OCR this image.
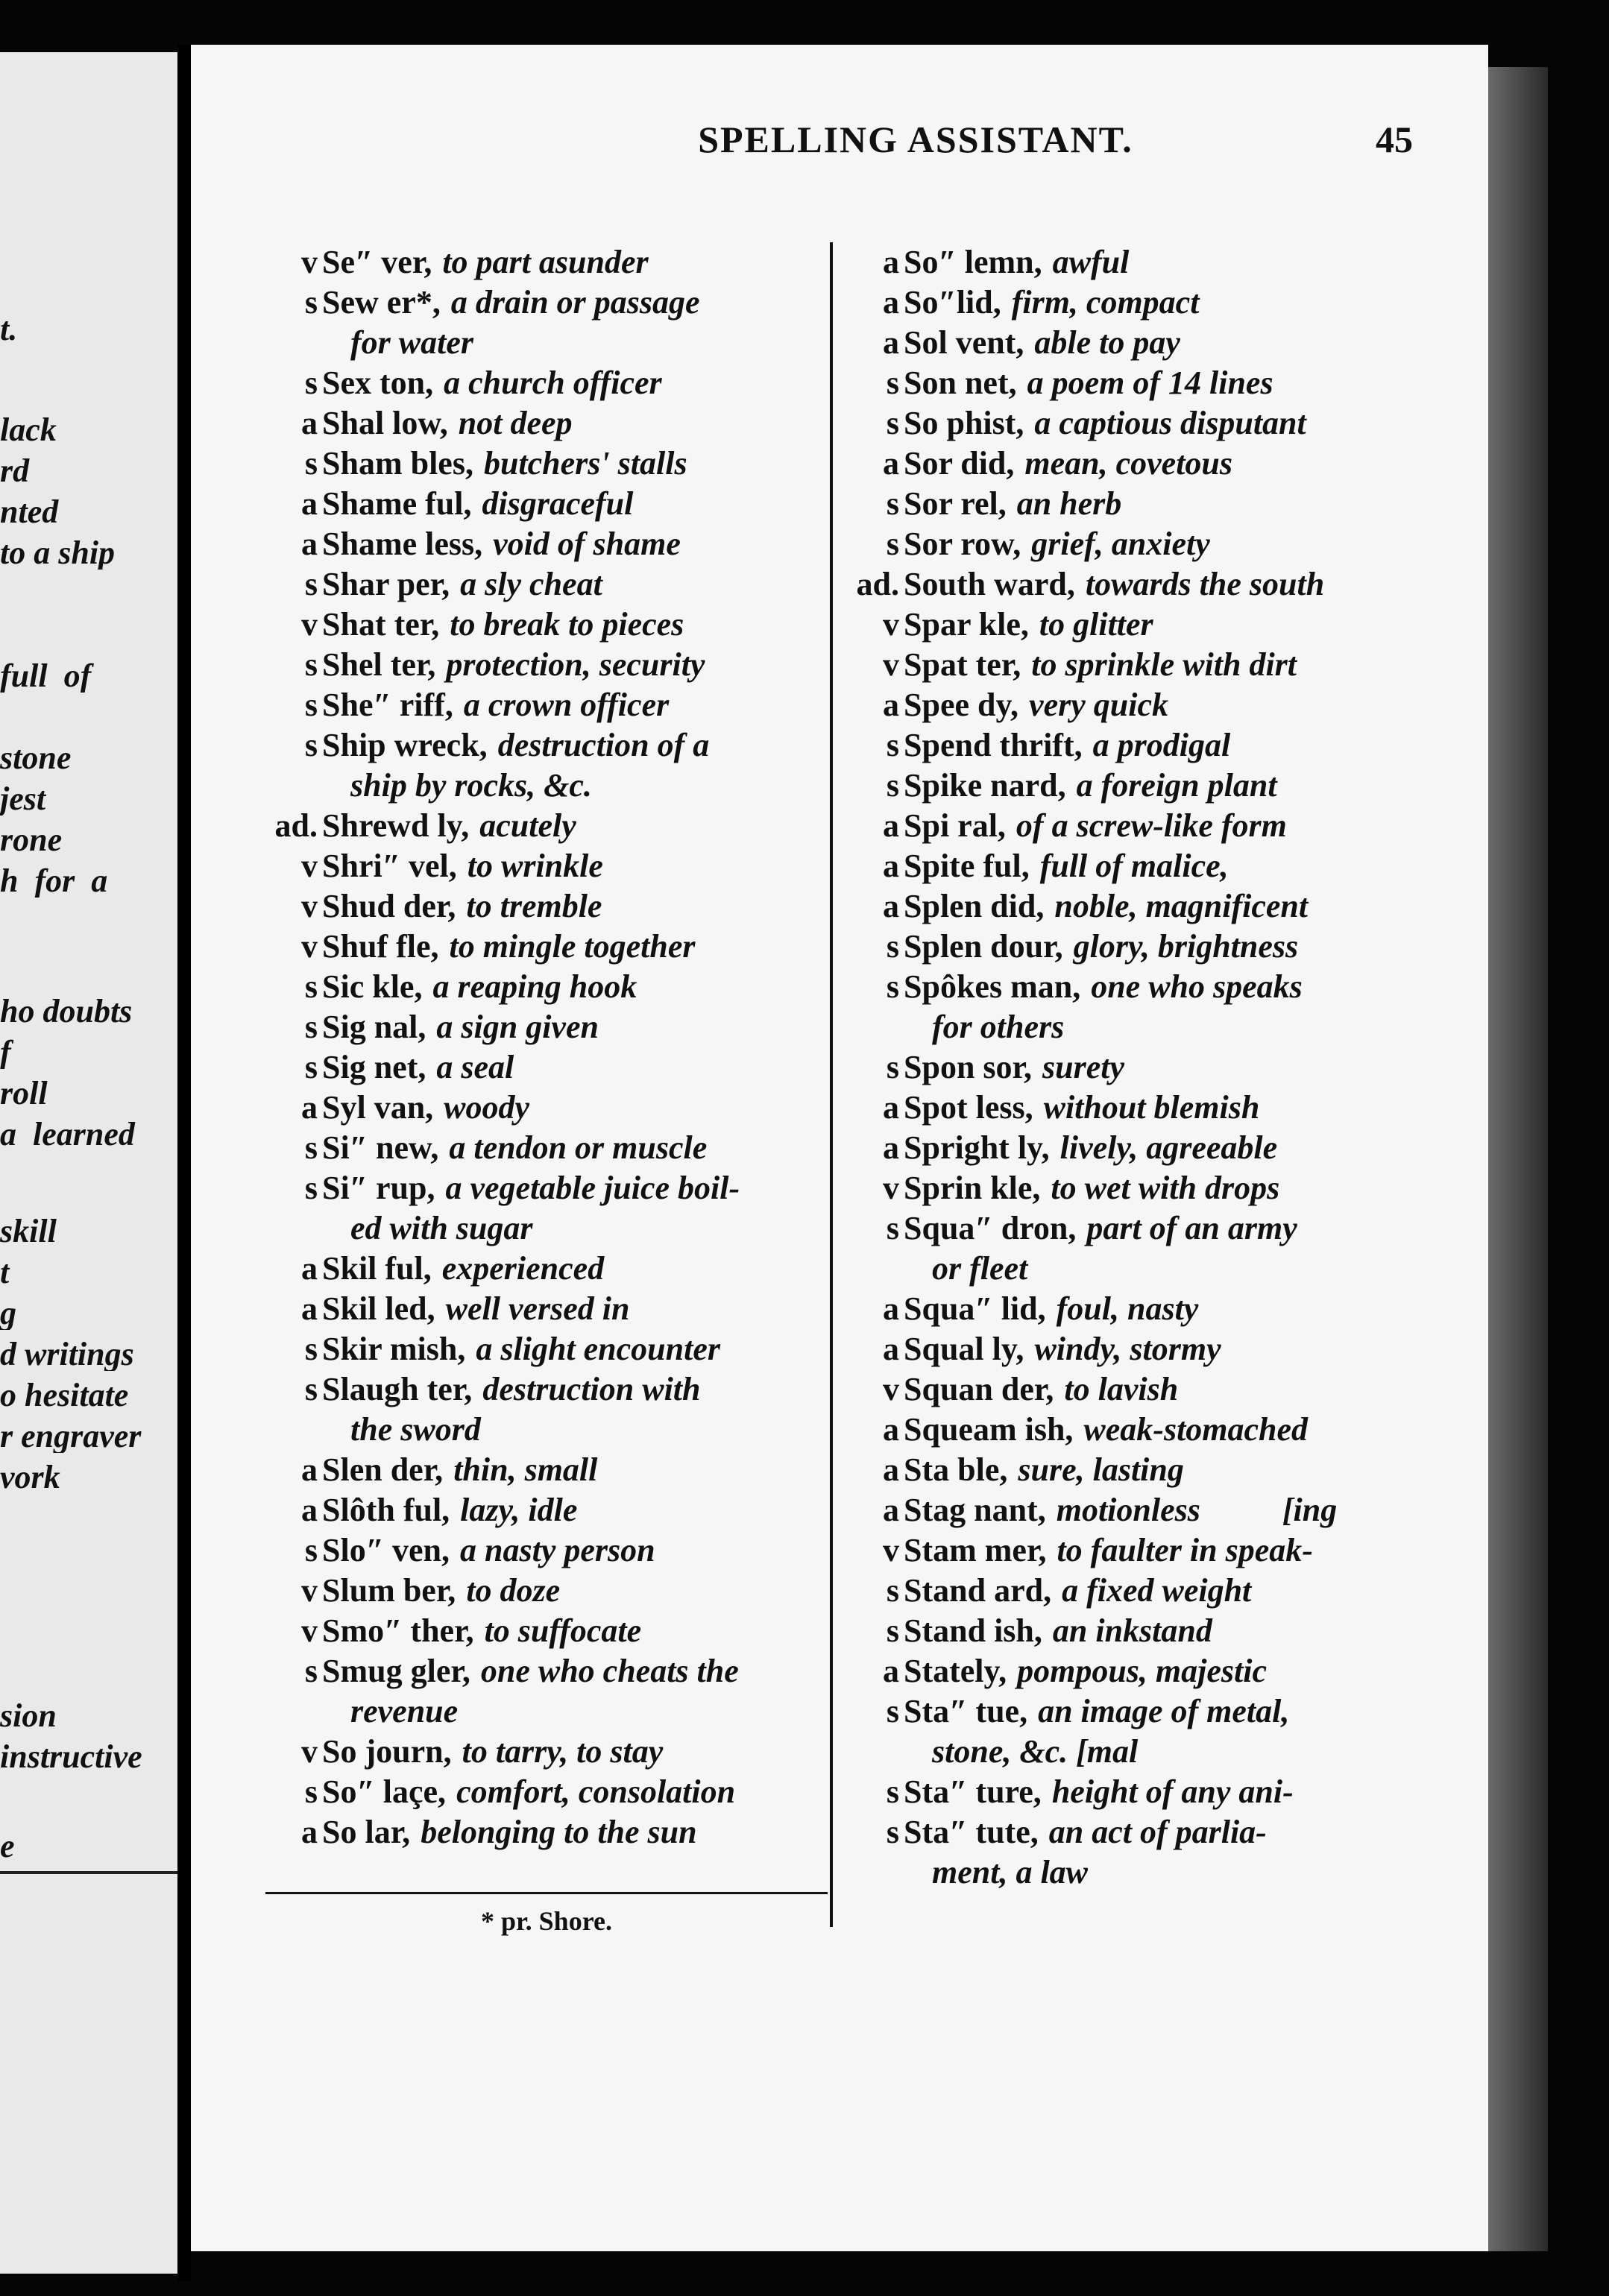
t.
lack
rd
nted
to a ship
full  of
stone
jest
rone
h  for  a
ho doubts
f
roll
a  learned
skill
t
g
d writings
o hesitate
r engraver
vork
sion
instructive
e
SPELLING ASSISTANT.	45
v Se″ ver, to part asunder
s Sew er*, a drain or passage
for water
s Sex ton, a church officer
a Shal low, not deep
s Sham bles, butchers' stalls
a Shame ful, disgraceful
a Shame less, void of shame
s Shar per, a sly cheat
v Shat ter, to break to pieces
s Shel ter, protection, security
s She″ riff, a crown officer
s Ship wreck, destruction of a
ship by rocks, &c.
ad. Shrewd ly, acutely
v Shri″ vel, to wrinkle
v Shud der, to tremble
v Shuf fle, to mingle together
s Sic kle, a reaping hook
s Sig nal, a sign given
s Sig net, a seal
a Syl van, woody
s Si″ new, a tendon or muscle
s Si″ rup, a vegetable juice boil-
ed with sugar
a Skil ful, experienced
a Skil led, well versed in
s Skir mish, a slight encounter
s Slaugh ter, destruction with
the sword
a Slen der, thin, small
a Slôth ful, lazy, idle
s Slo″ ven, a nasty person
v Slum ber, to doze
v Smo″ ther, to suffocate
s Smug gler, one who cheats the
revenue
v So journ, to tarry, to stay
s So″ laçe, comfort, consolation
a So lar, belonging to the sun
a So″ lemn, awful
a So″lid, firm, compact
a Sol vent, able to pay
s Son net, a poem of 14 lines
s So phist, a captious disputant
a Sor did, mean, covetous
s Sor rel, an herb
s Sor row, grief, anxiety
ad. South ward, towards the south
v Spar kle, to glitter
v Spat ter, to sprinkle with dirt
a Spee dy, very quick
s Spend thrift, a prodigal
s Spike nard, a foreign plant
a Spi ral, of a screw-like form
a Spite ful, full of malice,
a Splen did, noble, magnificent
s Splen dour, glory, brightness
s Spôkes man, one who speaks
for others
s Spon sor, surety
a Spot less, without blemish
a Spright ly, lively, agreeable
v Sprin kle, to wet with drops
s Squa″ dron, part of an army
or fleet
a Squa″ lid, foul, nasty
a Squal ly, windy, stormy
v Squan der, to lavish
a Squeam ish, weak-stomached
a Sta ble, sure, lasting
a Stag nant, motionless          [ing
v Stam mer, to faulter in speak-
s Stand ard, a fixed weight
s Stand ish, an inkstand
a Stately, pompous, majestic
s Sta″ tue, an image of metal,
stone, &c. [mal
s Sta″ ture, height of any ani-
s Sta″ tute, an act of parlia-
ment, a law
* pr. Shore.
